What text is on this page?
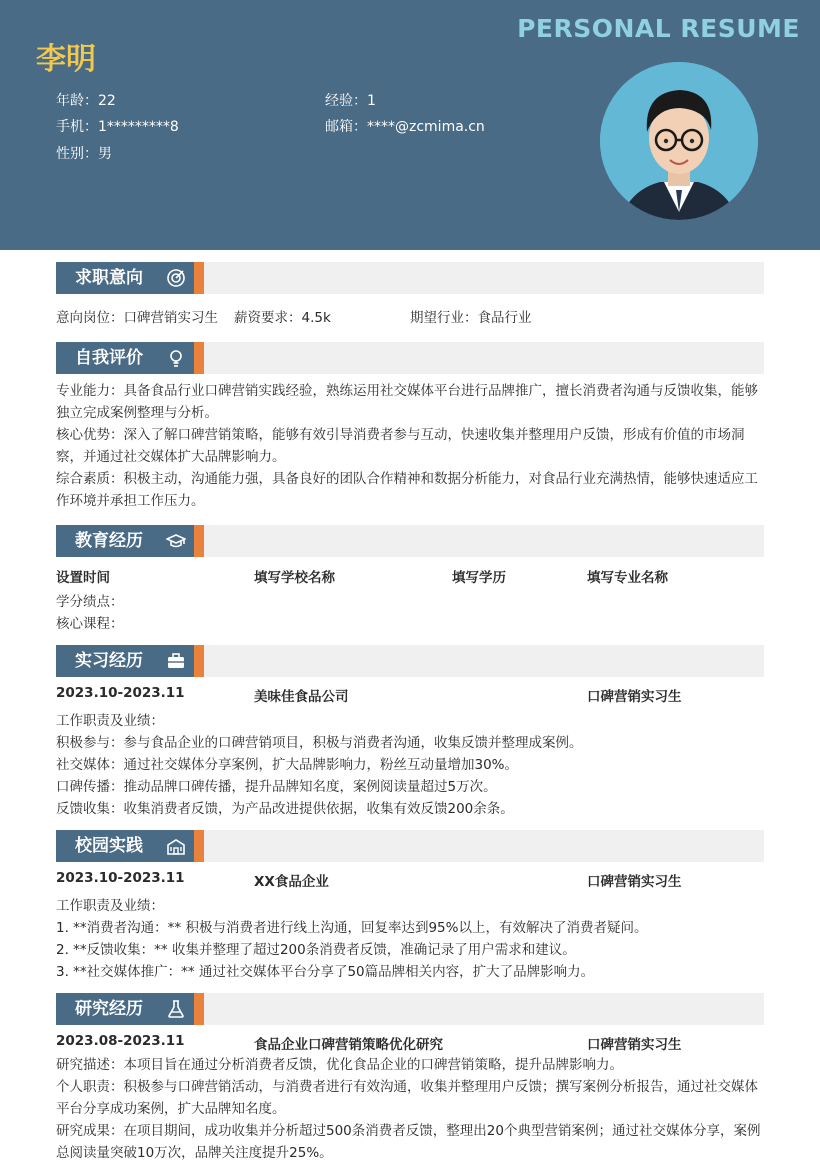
PERSONAL RESUME
李明
年龄：22	经验：1
手机：1*********8	邮箱：****@zcmima.cn
性别：男
求职意向
意向岗位：口碑营销实习生 薪资要求：4.5k	期望行业：食品行业
自我评价
专业能力：具备食品行业口碑营销实践经验，熟练运用社交媒体平台进行品牌推广，擅长消费者沟通与反馈收集，能够独立完成案例整理与分析。
核心优势：深入了解口碑营销策略，能够有效引导消费者参与互动，快速收集并整理用户反馈，形成有价值的市场洞察，并通过社交媒体扩大品牌影响力。
综合素质：积极主动，沟通能力强，具备良好的团队合作精神和数据分析能力，对食品行业充满热情，能够快速适应工作环境并承担工作压力。
教育经历
设置时间	填写学校名称	填写学历	填写专业名称
学分绩点：
核心课程：
实习经历
2023.10-2023.11	美味佳食品公司	口碑营销实习生
工作职责及业绩：
积极参与：参与食品企业的口碑营销项目，积极与消费者沟通，收集反馈并整理成案例。
社交媒体：通过社交媒体分享案例，扩大品牌影响力，粉丝互动量增加30%。
口碑传播：推动品牌口碑传播，提升品牌知名度，案例阅读量超过5万次。
反馈收集：收集消费者反馈，为产品改进提供依据，收集有效反馈200余条。
校园实践
2023.10-2023.11	XX食品企业	口碑营销实习生
工作职责及业绩：
1. **消费者沟通：** 积极与消费者进行线上沟通，回复率达到95%以上，有效解决了消费者疑问。
2. **反馈收集：** 收集并整理了超过200条消费者反馈，准确记录了用户需求和建议。
3. **社交媒体推广：** 通过社交媒体平台分享了50篇品牌相关内容，扩大了品牌影响力。
研究经历
2023.08-2023.11	食品企业口碑营销策略优化研究	口碑营销实习生
研究描述：本项目旨在通过分析消费者反馈，优化食品企业的口碑营销策略，提升品牌影响力。
个人职责：积极参与口碑营销活动，与消费者进行有效沟通，收集并整理用户反馈；撰写案例分析报告，通过社交媒体平台分享成功案例，扩大品牌知名度。
研究成果：在项目期间，成功收集并分析超过500条消费者反馈，整理出20个典型营销案例；通过社交媒体分享，案例总阅读量突破10万次，品牌关注度提升25%。
